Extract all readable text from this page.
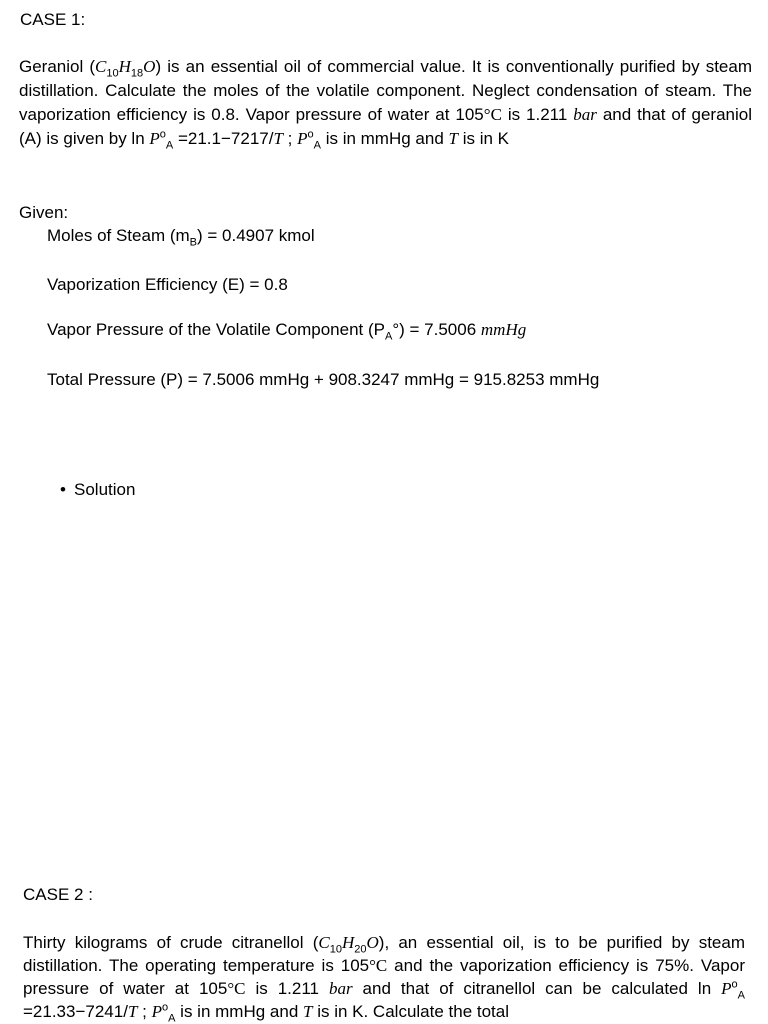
CASE 1:

Geraniol $(C_{10}H_{18}O)$ is an essential oil of commercial value. It is conventionally purified by steam distillation. Calculate the moles of the volatile component. Neglect condensation of steam. The vaporization efficiency is 0.8. Vapor pressure of water at 105°C is 1.211 bar and that of geraniol (A) is given by $\ln P^o_A =21.1-7217/T$ ; $P^o_A$ is in mmHg and T is in K

Given:
Moles of Steam $(m_B) = 0.4907$ kmol
Vaporization Efficiency (E) = 0.8
Vapor Pressure of the Volatile Component $(P_A^\circ) = 7.5006$ mmHg
Total Pressure (P) = 7.5006 mmHg + 908.3247 mmHg = 915.8253 mmHg
• Solution
CASE 2 :

Thirty kilograms of crude citranellol $(C_{10}H_{20}O)$, an essential oil, is to be purified by steam distillation. The operating temperature is 105°C and the vaporization efficiency is 75%. Vapor pressure of water at 105°C is 1.211 bar and that of citranellol can be calculated $\ln P^o_A =21.33-7241/T$ ; $P^o_A$ is in mmHg and T is in K. Calculate the total
